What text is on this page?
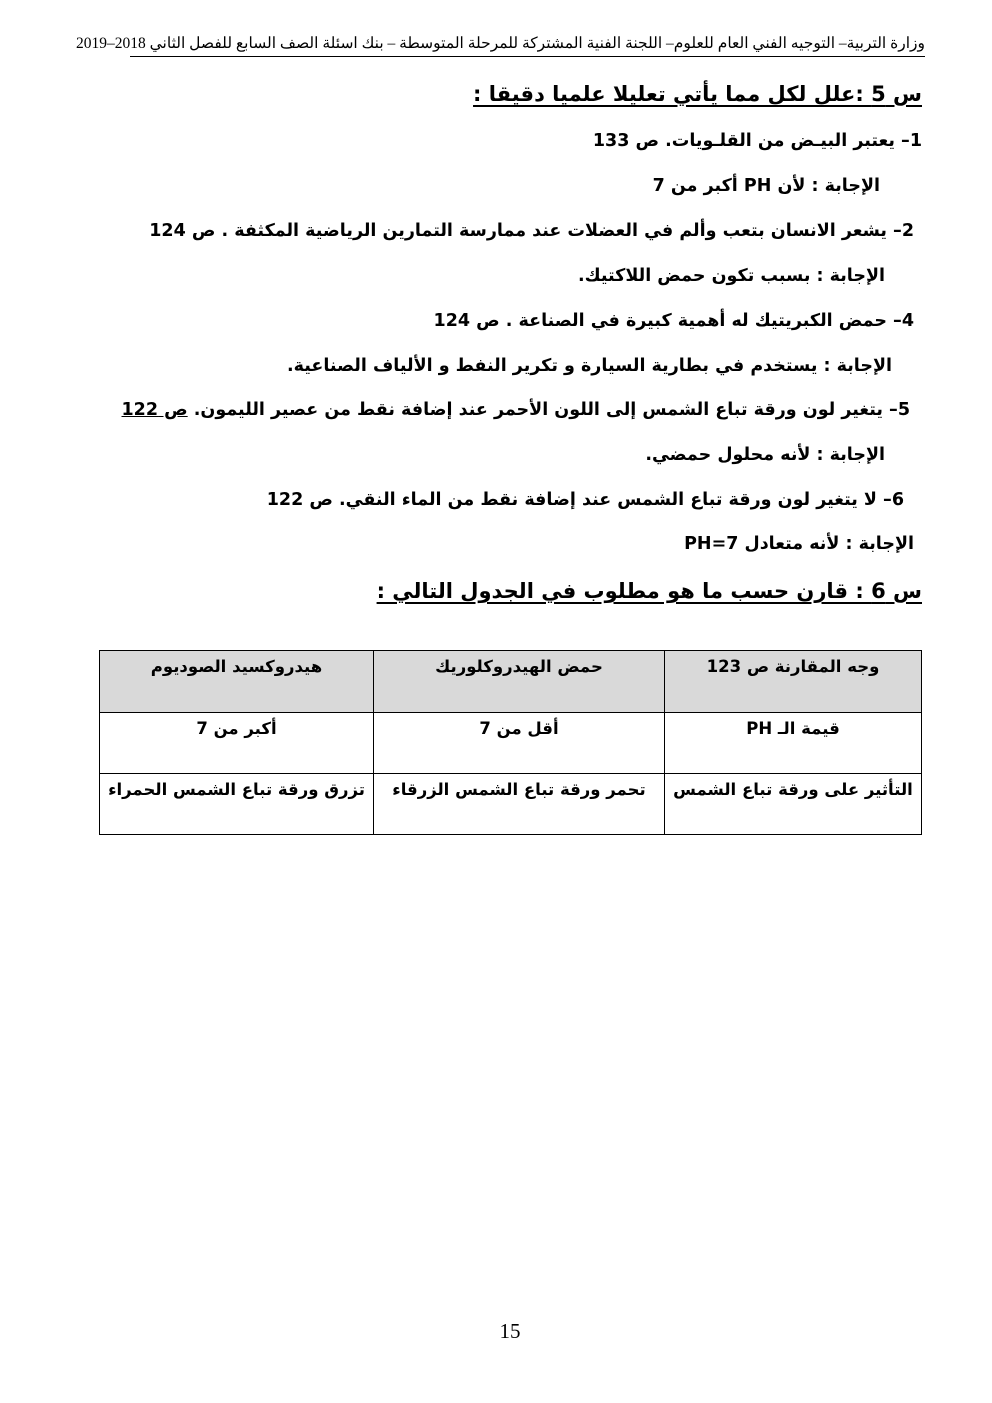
وزارة التربية– التوجيه الفني العام للعلوم– اللجنة الفنية المشتركة للمرحلة المتوسطة – بنك اسئلة الصف السابع للفصل الثاني 2018–2019
س 5 :علل لكل مما يأتي تعليلا علميا دقيقا :
1– يعتبر البيـض من القلـويات. ص 133
الإجابة : لأن PH أكبر من 7
2– يشعر الانسان بتعب وألم في العضلات عند ممارسة التمارين الرياضية المكثفة . ص 124
الإجابة : بسبب تكون حمض اللاكتيك.
4– حمض الكبريتيك له أهمية كبيرة في الصناعة . ص 124
الإجابة : يستخدم في بطارية السيارة و تكرير النفط و الألياف الصناعية.
5– يتغير لون ورقة تباع الشمس إلى اللون الأحمر عند إضافة نقط من عصير الليمون. ص 122
الإجابة : لأنه محلول حمضي.
6– لا يتغير لون ورقة تباع الشمس عند إضافة نقط من الماء النقي. ص 122
الإجابة : لأنه متعادل PH=7
س 6 : قارن حسب ما هو مطلوب في الجدول التالي :
وجه المقارنة ص 123	حمض الهيدروكلوريك	هيدروكسيد الصوديوم
قيمة الـ PH	أقل من 7	أكبر من 7
التأثير على ورقة تباع الشمس	تحمر ورقة تباع الشمس الزرقاء	تزرق ورقة تباع الشمس الحمراء
15
